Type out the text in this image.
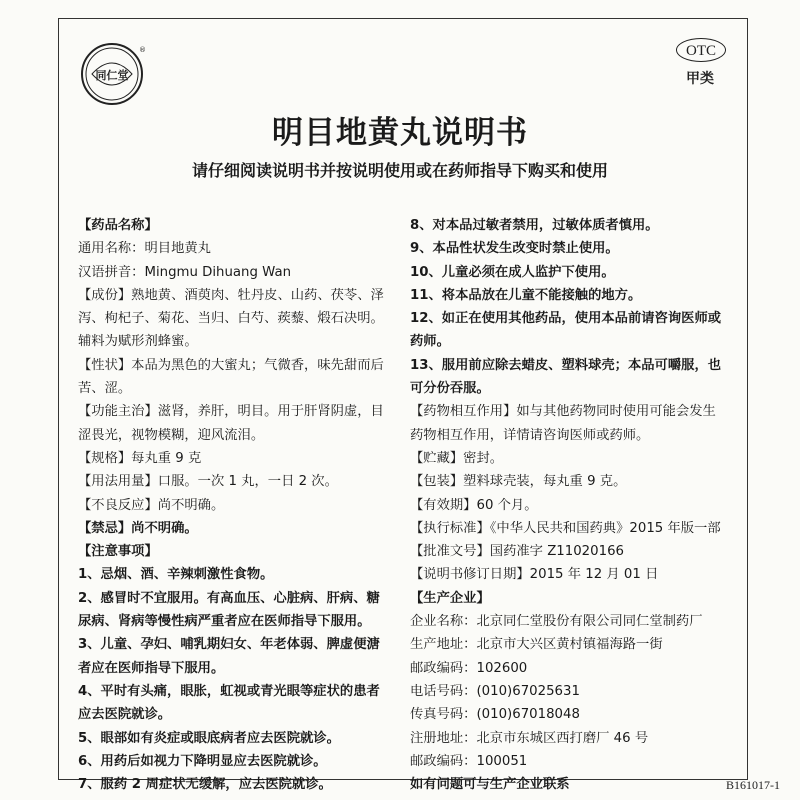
同仁堂
®	OTC
甲类
明目地黄丸说明书

请仔细阅读说明书并按说明使用或在药师指导下购买和使用

【药品名称】

通用名称：明目地黄丸

汉语拼音：Mingmu Dihuang Wan

【成份】熟地黄、酒萸肉、牡丹皮、山药、茯苓、泽

泻、枸杞子、菊花、当归、白芍、蒺藜、煅石决明。

辅料为赋形剂蜂蜜。

【性状】本品为黑色的大蜜丸；气微香，味先甜而后

苦、涩。

【功能主治】滋肾，养肝，明目。用于肝肾阴虚，目

涩畏光，视物模糊，迎风流泪。

【规格】每丸重 9 克

【用法用量】口服。一次 1 丸，一日 2 次。

【不良反应】尚不明确。

【禁忌】尚不明确。

【注意事项】

1、忌烟、酒、辛辣刺激性食物。

2、感冒时不宜服用。有高血压、心脏病、肝病、糖

尿病、肾病等慢性病严重者应在医师指导下服用。

3、儿童、孕妇、哺乳期妇女、年老体弱、脾虚便溏

者应在医师指导下服用。

4、平时有头痛，眼胀，虹视或青光眼等症状的患者

应去医院就诊。

5、眼部如有炎症或眼底病者应去医院就诊。

6、用药后如视力下降明显应去医院就诊。

7、服药 2 周症状无缓解，应去医院就诊。

8、对本品过敏者禁用，过敏体质者慎用。

9、本品性状发生改变时禁止使用。

10、儿童必须在成人监护下使用。

11、将本品放在儿童不能接触的地方。

12、如正在使用其他药品，使用本品前请咨询医师或

药师。

13、服用前应除去蜡皮、塑料球壳；本品可嚼服，也

可分份吞服。

【药物相互作用】如与其他药物同时使用可能会发生

药物相互作用，详情请咨询医师或药师。

【贮藏】密封。

【包装】塑料球壳装，每丸重 9 克。

【有效期】60 个月。

【执行标准】《中华人民共和国药典》2015 年版一部

【批准文号】国药准字 Z11020166

【说明书修订日期】2015 年 12 月 01 日

【生产企业】

企业名称：北京同仁堂股份有限公司同仁堂制药厂

生产地址：北京市大兴区黄村镇福海路一街

邮政编码：102600

电话号码：(010)67025631

传真号码：(010)67018048

注册地址：北京市东城区西打磨厂 46 号

邮政编码：100051

如有问题可与生产企业联系	B161017-1
